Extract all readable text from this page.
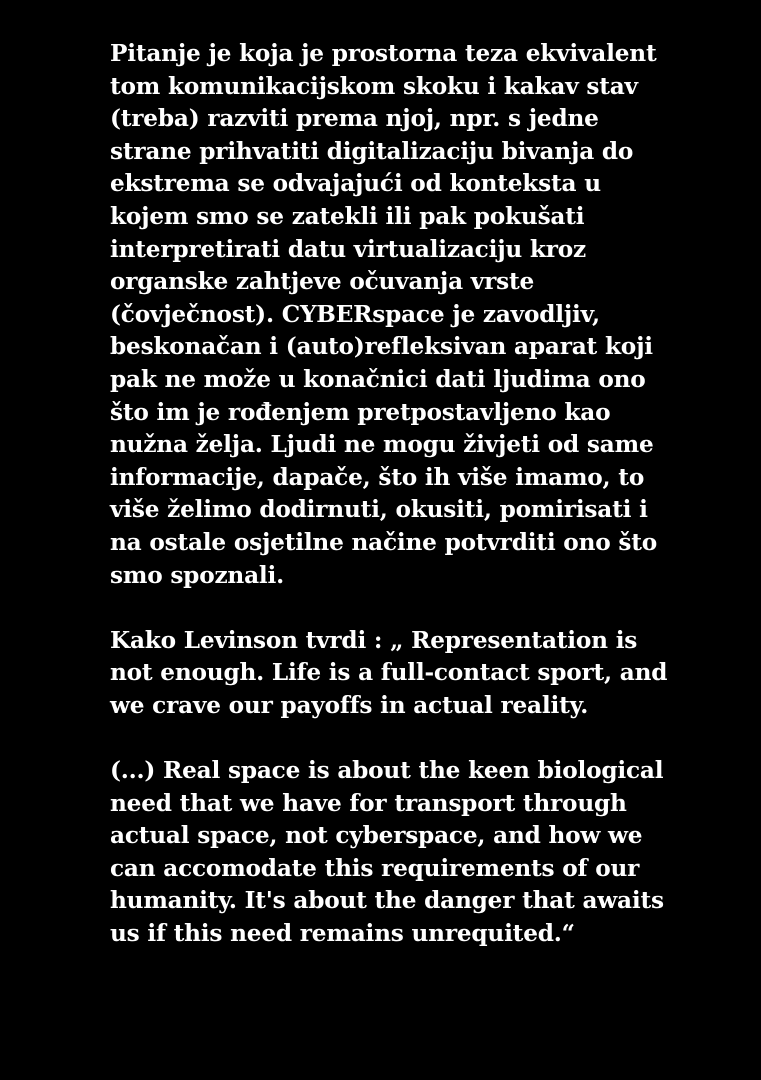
Pitanje je koja je prostorna teza ekvivalent
tom komunikacijskom skoku i kakav stav
(treba) razviti prema njoj, npr. s jedne
strane prihvatiti digitalizaciju bivanja do
ekstrema se odvajajući od konteksta u
kojem smo se zatekli ili pak pokušati
interpretirati datu virtualizaciju kroz
organske zahtjeve očuvanja vrste
(čovječnost). CYBERspace je zavodljiv,
beskonačan i (auto)refleksivan aparat koji
pak ne može u konačnici dati ljudima ono
što im je rođenjem pretpostavljeno kao
nužna želja. Ljudi ne mogu živjeti od same
informacije, dapače, što ih više imamo, to
više želimo dodirnuti, okusiti, pomirisati i
na ostale osjetilne načine potvrditi ono što
smo spoznali.

Kako Levinson tvrdi : „ Representation is
not enough. Life is a full-contact sport, and
we crave our payoffs in actual reality.

(...) Real space is about the keen biological
need that we have for transport through
actual space, not cyberspace, and how we
can accomodate this requirements of our
humanity. It's about the danger that awaits
us if this need remains unrequited.“
